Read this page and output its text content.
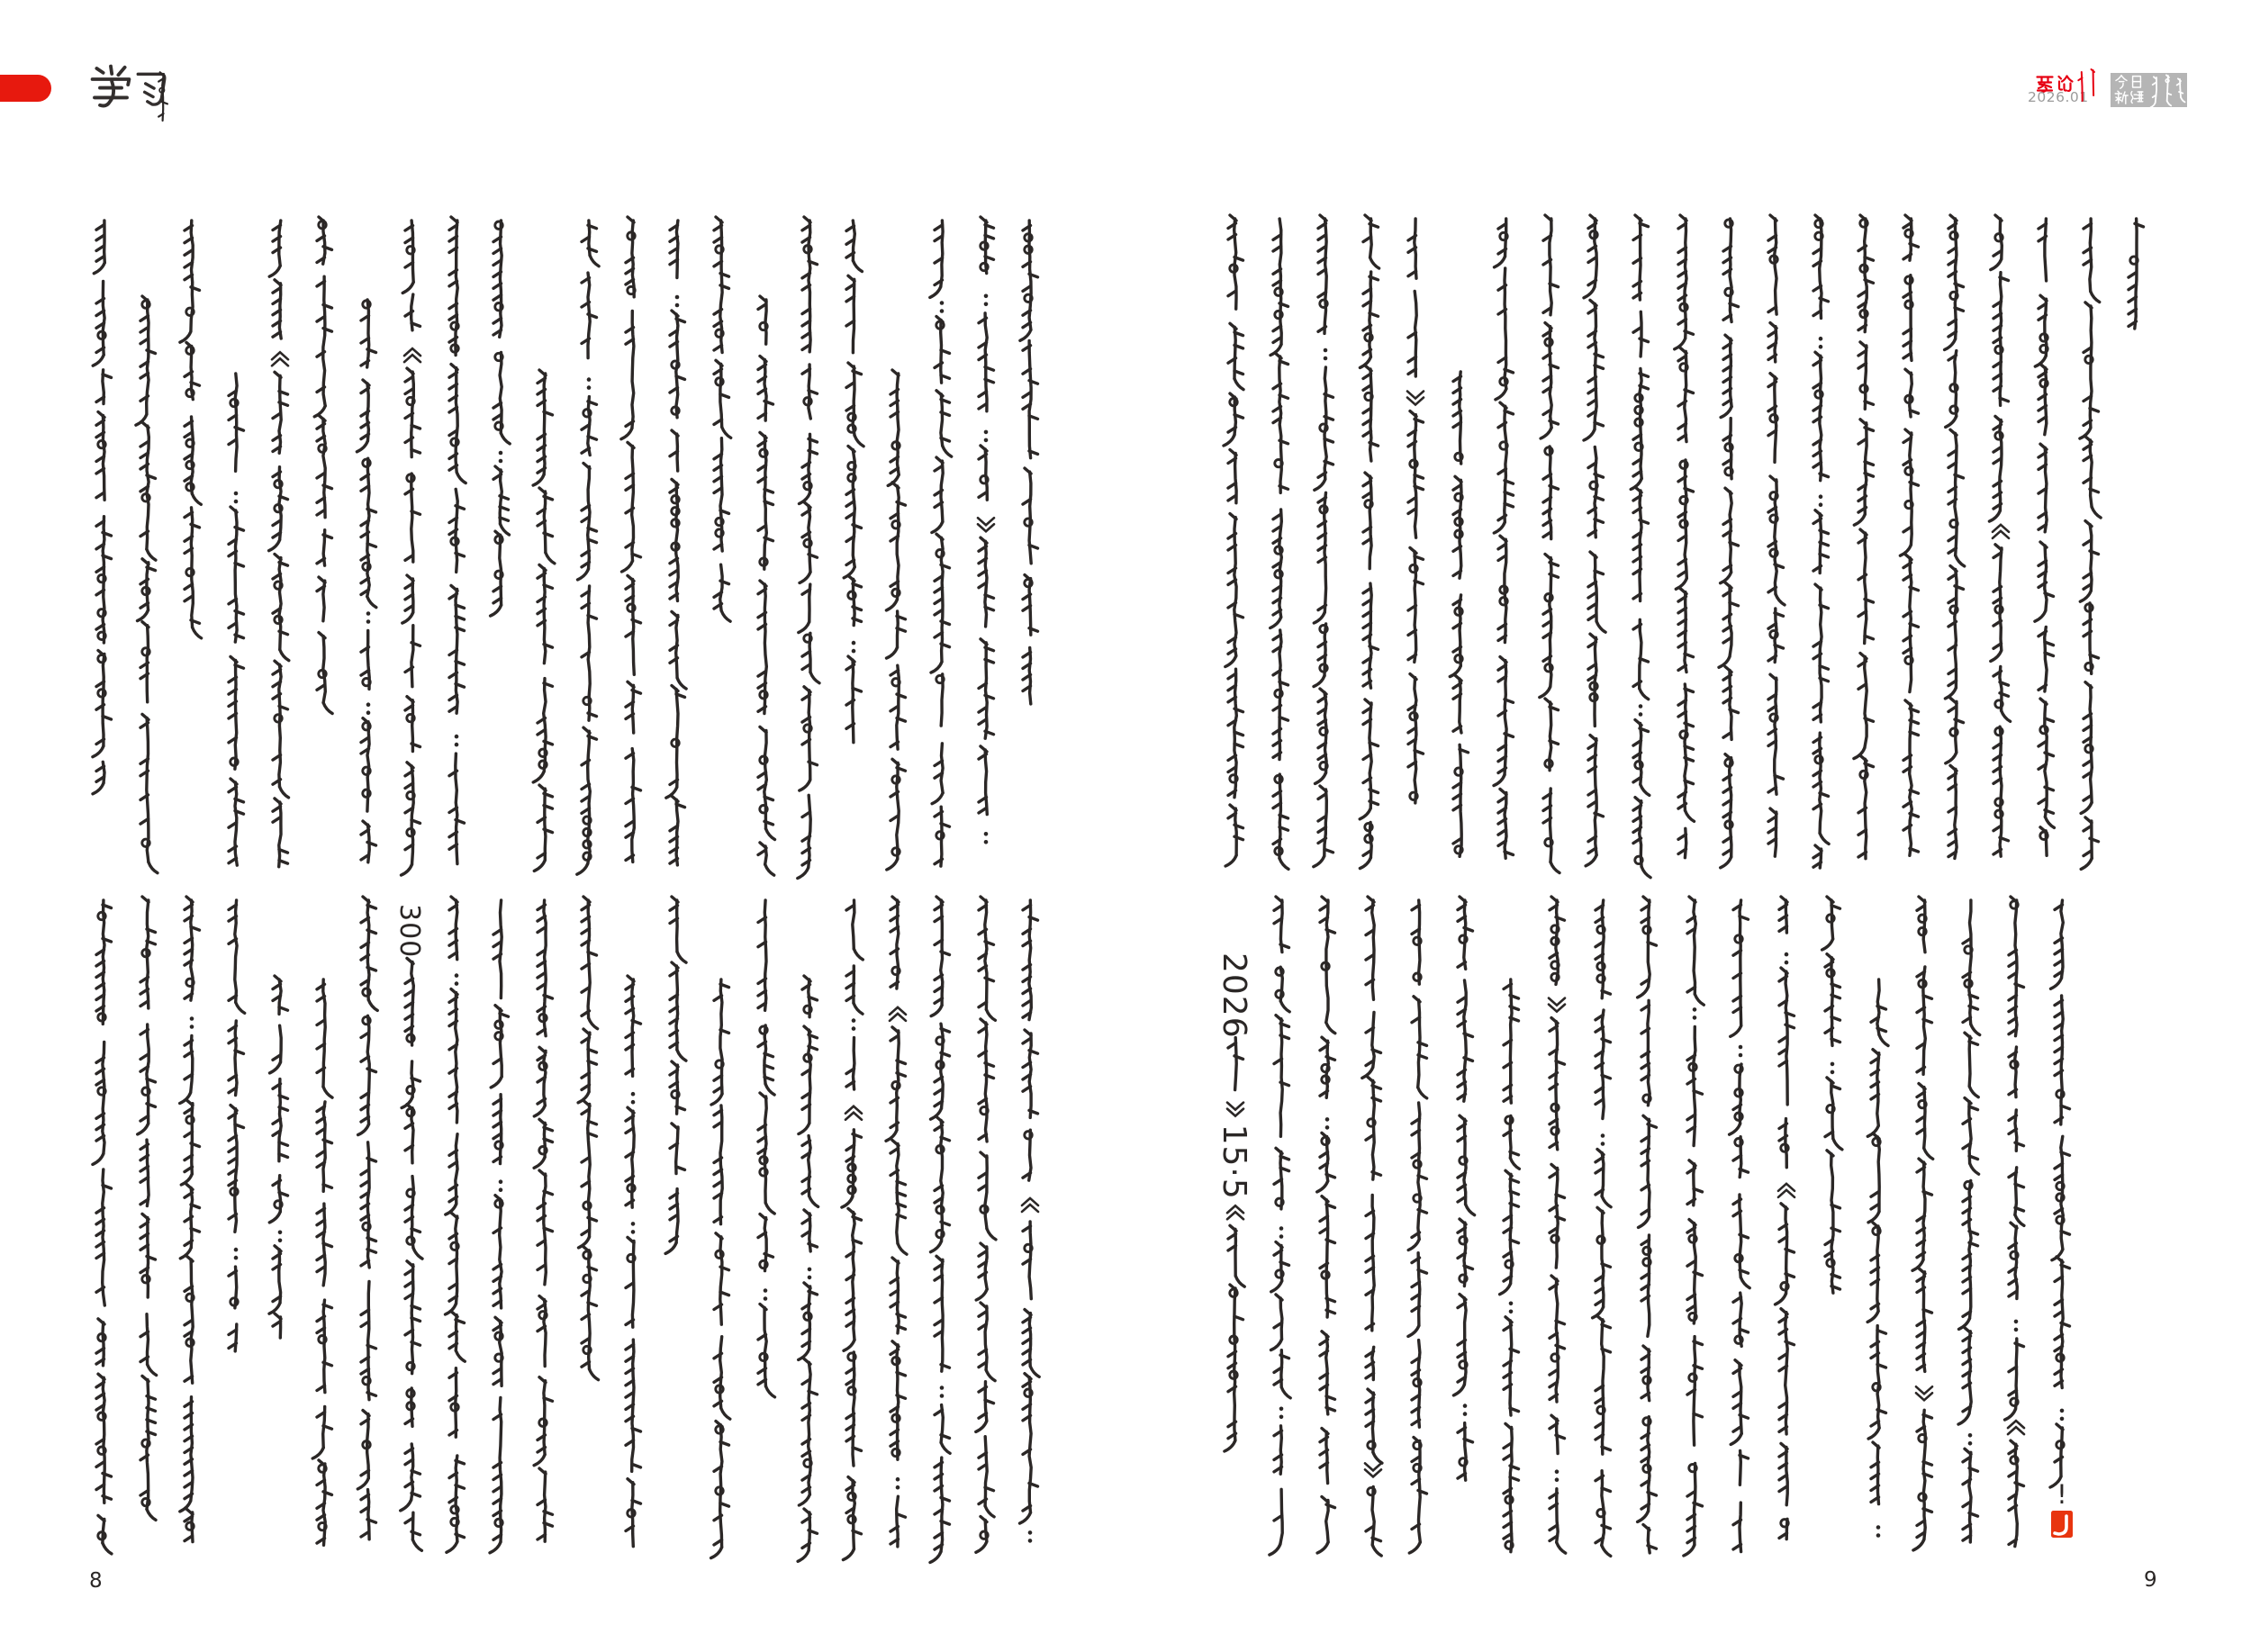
2026.01
300
2026
15·5
!
8	9
